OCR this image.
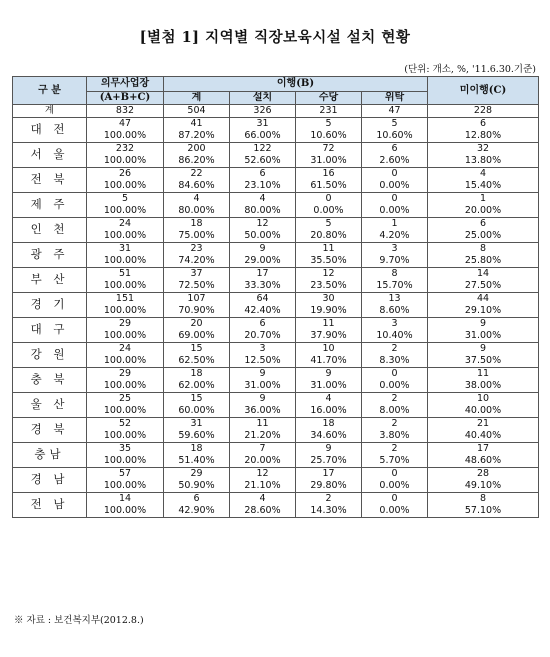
[별첨 1] 지역별 직장보육시설 설치 현황
(단위: 개소, %, '11.6.30.기준)
구 분	의무사업장	이행(B)				미이행(C)
	(A+B+C)	계	설치	수당	위탁	
계	832	504	326	231	47	228
대 전	47	41	31	5	5	6
	100.00%	87.20%	66.00%	10.60%	10.60%	12.80%
서 울	232	200	122	72	6	32
	100.00%	86.20%	52.60%	31.00%	2.60%	13.80%
전 북	26	22	6	16	0	4
	100.00%	84.60%	23.10%	61.50%	0.00%	15.40%
제 주	5	4	4	0	0	1
	100.00%	80.00%	80.00%	0.00%	0.00%	20.00%
인 천	24	18	12	5	1	6
	100.00%	75.00%	50.00%	20.80%	4.20%	25.00%
광 주	31	23	9	11	3	8
	100.00%	74.20%	29.00%	35.50%	9.70%	25.80%
부 산	51	37	17	12	8	14
	100.00%	72.50%	33.30%	23.50%	15.70%	27.50%
경 기	151	107	64	30	13	44
	100.00%	70.90%	42.40%	19.90%	8.60%	29.10%
대 구	29	20	6	11	3	9
	100.00%	69.00%	20.70%	37.90%	10.40%	31.00%
강 원	24	15	3	10	2	9
	100.00%	62.50%	12.50%	41.70%	8.30%	37.50%
충 북	29	18	9	9	0	11
	100.00%	62.00%	31.00%	31.00%	0.00%	38.00%
울 산	25	15	9	4	2	10
	100.00%	60.00%	36.00%	16.00%	8.00%	40.00%
경 북	52	31	11	18	2	21
	100.00%	59.60%	21.20%	34.60%	3.80%	40.40%
충남	35	18	7	9	2	17
	100.00%	51.40%	20.00%	25.70%	5.70%	48.60%
경 남	57	29	12	17	0	28
	100.00%	50.90%	21.10%	29.80%	0.00%	49.10%
전 남	14	6	4	2	0	8
	100.00%	42.90%	28.60%	14.30%	0.00%	57.10%
※ 자료 : 보건복지부(2012.8.)
